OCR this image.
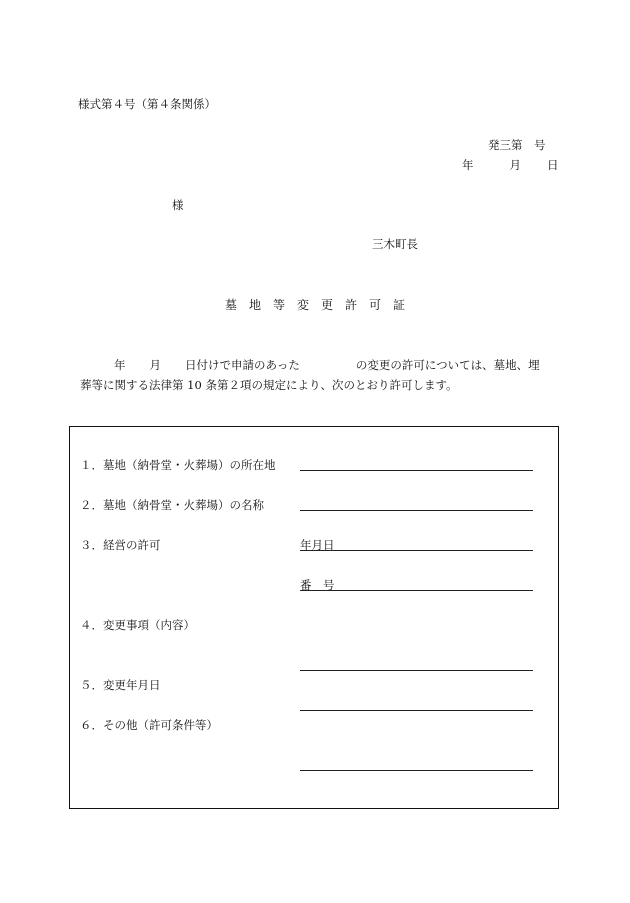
様式第４号（第４条関係）
発三第　号
年	月 日
様
三木町長
墓 地 等 変 更 許 可 証
年 月 日付けで申請のあった	の変更の許可については、墓地、埋
葬等に関する法律第 10 条第２項の規定により、次のとおり許可します。
１．墓地（納骨堂・火葬場）の所在地
２．墓地（納骨堂・火葬場）の名称
３．経営の許可	年月日
番　号
４．変更事項（内容）
５．変更年月日
６．その他（許可条件等）
